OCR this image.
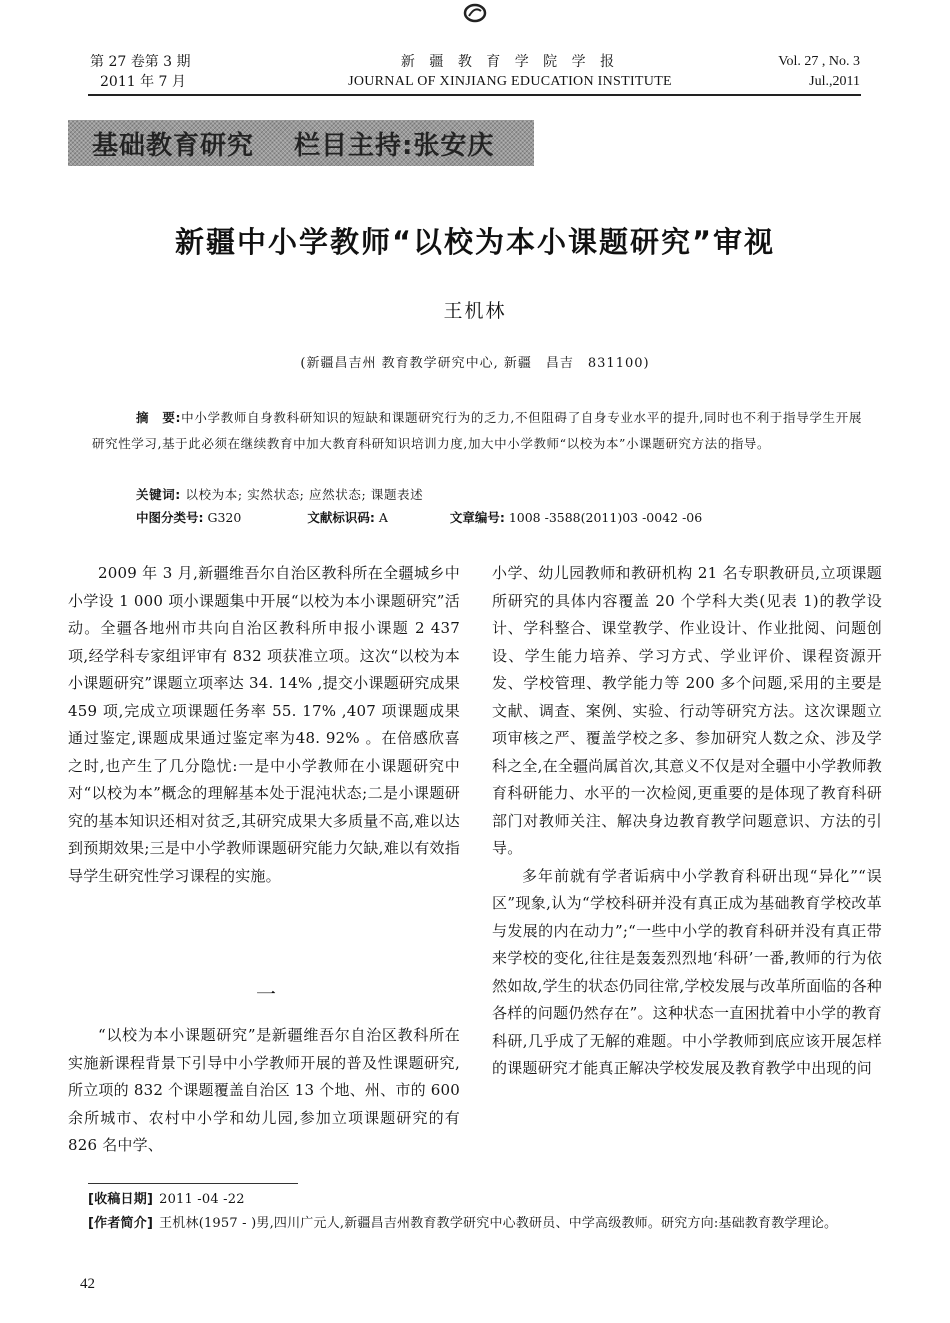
第 27 卷第 3 期
2011 年 7 月
新 疆 教 育 学 院 学 报
JOURNAL OF XINJIANG EDUCATION INSTITUTE
Vol. 27 , No. 3
Jul.,2011
基础教育研究 栏目主持:张安庆
新疆中小学教师“以校为本小课题研究”审视
王机林
(新疆昌吉州 教育教学研究中心, 新疆　昌吉　831100)

摘　要:中小学教师自身教科研知识的短缺和课题研究行为的乏力,不但阻碍了自身专业水平的提升,同时也不利于指导学生开展研究性学习,基于此必须在继续教育中加大教育科研知识培训力度,加大中小学教师“以校为本”小课题研究方法的指导。

关键词: 以校为本; 实然状态; 应然状态; 课题表述
中图分类号: G320	文献标识码: A	文章编号: 1008 -3588(2011)03 -0042 -06

2009 年 3 月,新疆维吾尔自治区教科所在全疆城乡中小学设 1 000 项小课题集中开展“以校为本小课题研究”活动。全疆各地州市共向自治区教科所申报小课题 2 437 项,经学科专家组评审有 832 项获准立项。这次“以校为本小课题研究”课题立项率达 34. 14% ,提交小课题研究成果 459 项,完成立项课题任务率 55. 17% ,407 项课题成果通过鉴定,课题成果通过鉴定率为48. 92% 。在倍感欣喜之时,也产生了几分隐忧:一是中小学教师在小课题研究中对“以校为本”概念的理解基本处于混沌状态;二是小课题研究的基本知识还相对贫乏,其研究成果大多质量不高,难以达到预期效果;三是中小学教师课题研究能力欠缺,难以有效指导学生研究性学习课程的实施。

一

“以校为本小课题研究”是新疆维吾尔自治区教科所在实施新课程背景下引导中小学教师开展的普及性课题研究,所立项的 832 个课题覆盖自治区 13 个地、州、市的 600 余所城市、农村中小学和幼儿园,参加立项课题研究的有 826 名中学、

小学、幼儿园教师和教研机构 21 名专职教研员,立项课题所研究的具体内容覆盖 20 个学科大类(见表 1)的教学设计、学科整合、课堂教学、作业设计、作业批阅、问题创设、学生能力培养、学习方式、学业评价、课程资源开发、学校管理、教学能力等 200 多个问题,采用的主要是文献、调查、案例、实验、行动等研究方法。这次课题立项审核之严、覆盖学校之多、参加研究人数之众、涉及学科之全,在全疆尚属首次,其意义不仅是对全疆中小学教师教育科研能力、水平的一次检阅,更重要的是体现了教育科研部门对教师关注、解决身边教育教学问题意识、方法的引导。

多年前就有学者诟病中小学教育科研出现“异化”“误区”现象,认为“学校科研并没有真正成为基础教育学校改革与发展的内在动力”;“一些中小学的教育科研并没有真正带来学校的变化,往往是轰轰烈烈地‘科研’一番,教师的行为依然如故,学生的状态仍同往常,学校发展与改革所面临的各种各样的问题仍然存在”。这种状态一直困扰着中小学的教育科研,几乎成了无解的难题。中小学教师到底应该开展怎样的课题研究才能真正解决学校发展及教育教学中出现的问

[收稿日期] 2011 -04 -22
[作者简介] 王机林(1957 - )男,四川广元人,新疆昌吉州教育教学研究中心教研员、中学高级教师。研究方向:基础教育教学理论。
42
